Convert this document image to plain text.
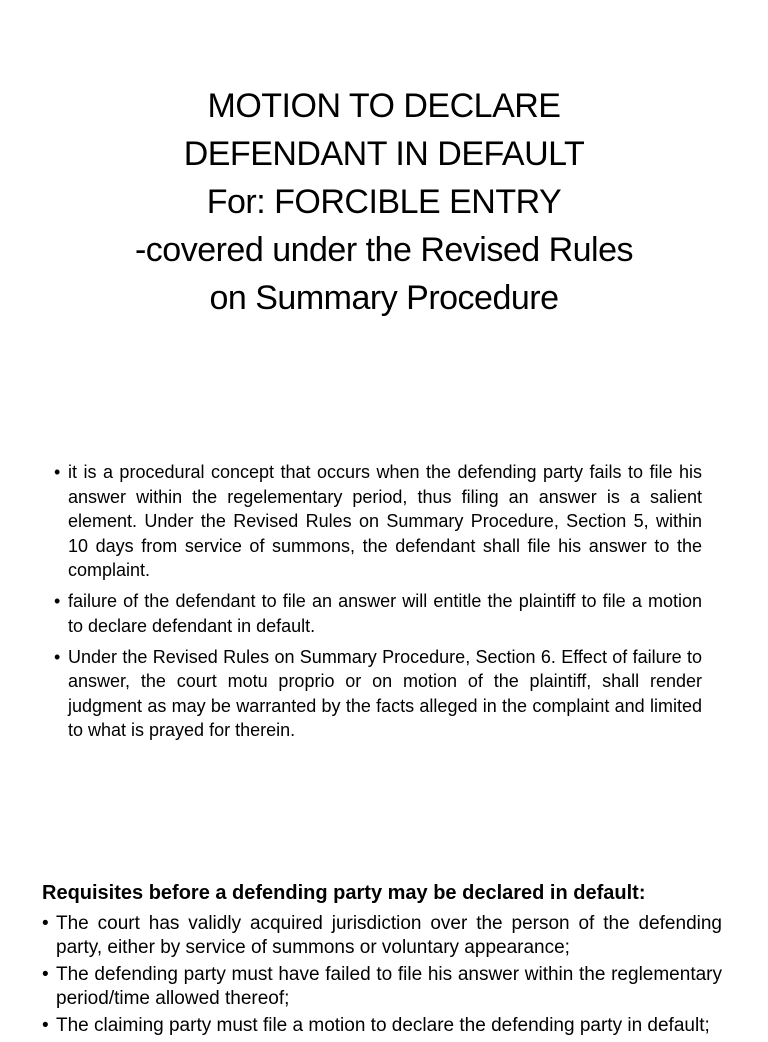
MOTION TO DECLARE
DEFENDANT IN DEFAULT
For: FORCIBLE ENTRY
-covered under the Revised Rules
on Summary Procedure
• it is a procedural concept that occurs when the defending party fails to file his answer within the regelementary period, thus filing an answer is a salient element. Under the Revised Rules on Summary Procedure, Section 5, within 10 days from service of summons, the defendant shall file his answer to the complaint.
• failure of the defendant to file an answer will entitle the plaintiff to file a motion to declare defendant in default.
• Under the Revised Rules on Summary Procedure, Section 6. Effect of failure to answer, the court motu proprio or on motion of the plaintiff, shall render judgment as may be warranted by the facts alleged in the complaint and limited to what is prayed for therein.
Requisites before a defending party may be declared in default:
• The court has validly acquired jurisdiction over the person of the defending party, either by service of summons or voluntary appearance;
• The defending party must have failed to file his answer within the reglementary period/time allowed thereof;
• The claiming party must file a motion to declare the defending party in default;
